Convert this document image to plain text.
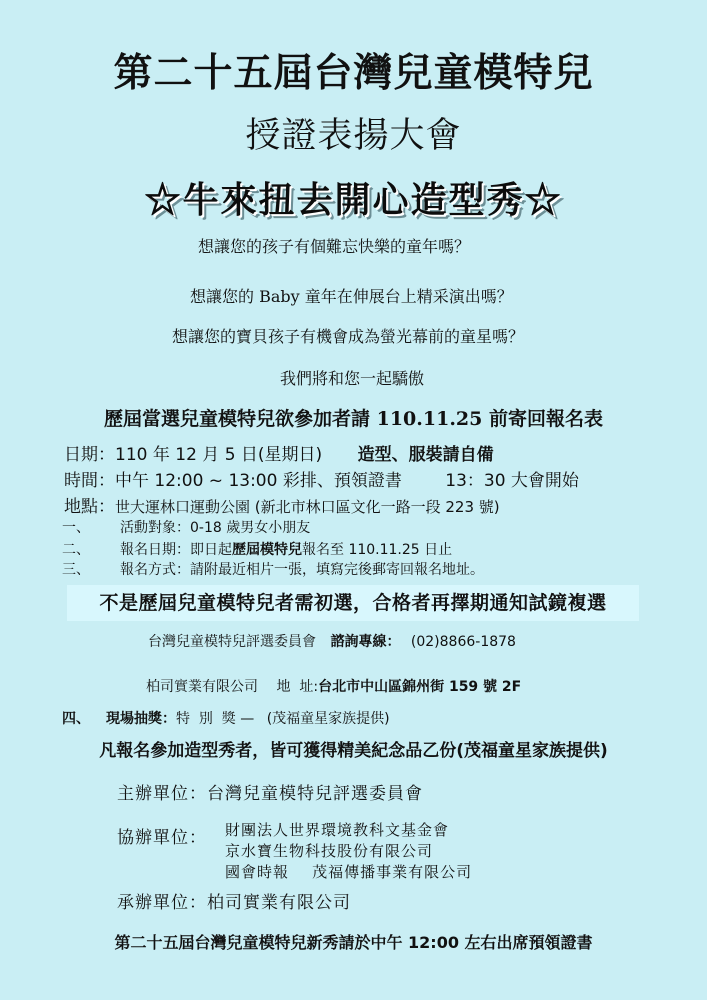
第二十五屆台灣兒童模特兒
授證表揚大會
☆牛來扭去開心造型秀☆
想讓您的孩子有個難忘快樂的童年嗎？
想讓您的 Baby 童年在伸展台上精采演出嗎？
想讓您的寶貝孩子有機會成為螢光幕前的童星嗎？
我們將和您一起驕傲
歷屆當選兒童模特兒欲參加者請 110.11.25 前寄回報名表
日期：110 年 12 月 5 日(星期日) 造型、服裝請自備
時間：中午 12:00 ~ 13:00 彩排、預領證書	13：30 大會開始
地點：世大運林口運動公園 (新北市林口區文化一路一段 223 號)
一、 活動對象：0-18 歲男女小朋友
二、 報名日期：即日起歷屆模特兒報名至 110.11.25 日止
三、 報名方式：請附最近相片一張，填寫完後郵寄回報名地址。
不是歷屆兒童模特兒者需初選，合格者再擇期通知試鏡複選
台灣兒童模特兒評選委員會 諮詢專線： (02)8866-1878
柏司實業有限公司 地  址:台北市中山區錦州街 159 號 2F
四、 現場抽獎：特  別  獎 — (茂福童星家族提供)
凡報名參加造型秀者，皆可獲得精美紀念品乙份(茂福童星家族提供)
主辦單位：台灣兒童模特兒評選委員會
協辦單位： 財團法人世界環境教科文基金會
京水寶生物科技股份有限公司
國會時報    茂福傳播事業有限公司
承辦單位：柏司實業有限公司
第二十五屆台灣兒童模特兒新秀請於中午 12:00 左右出席預領證書
